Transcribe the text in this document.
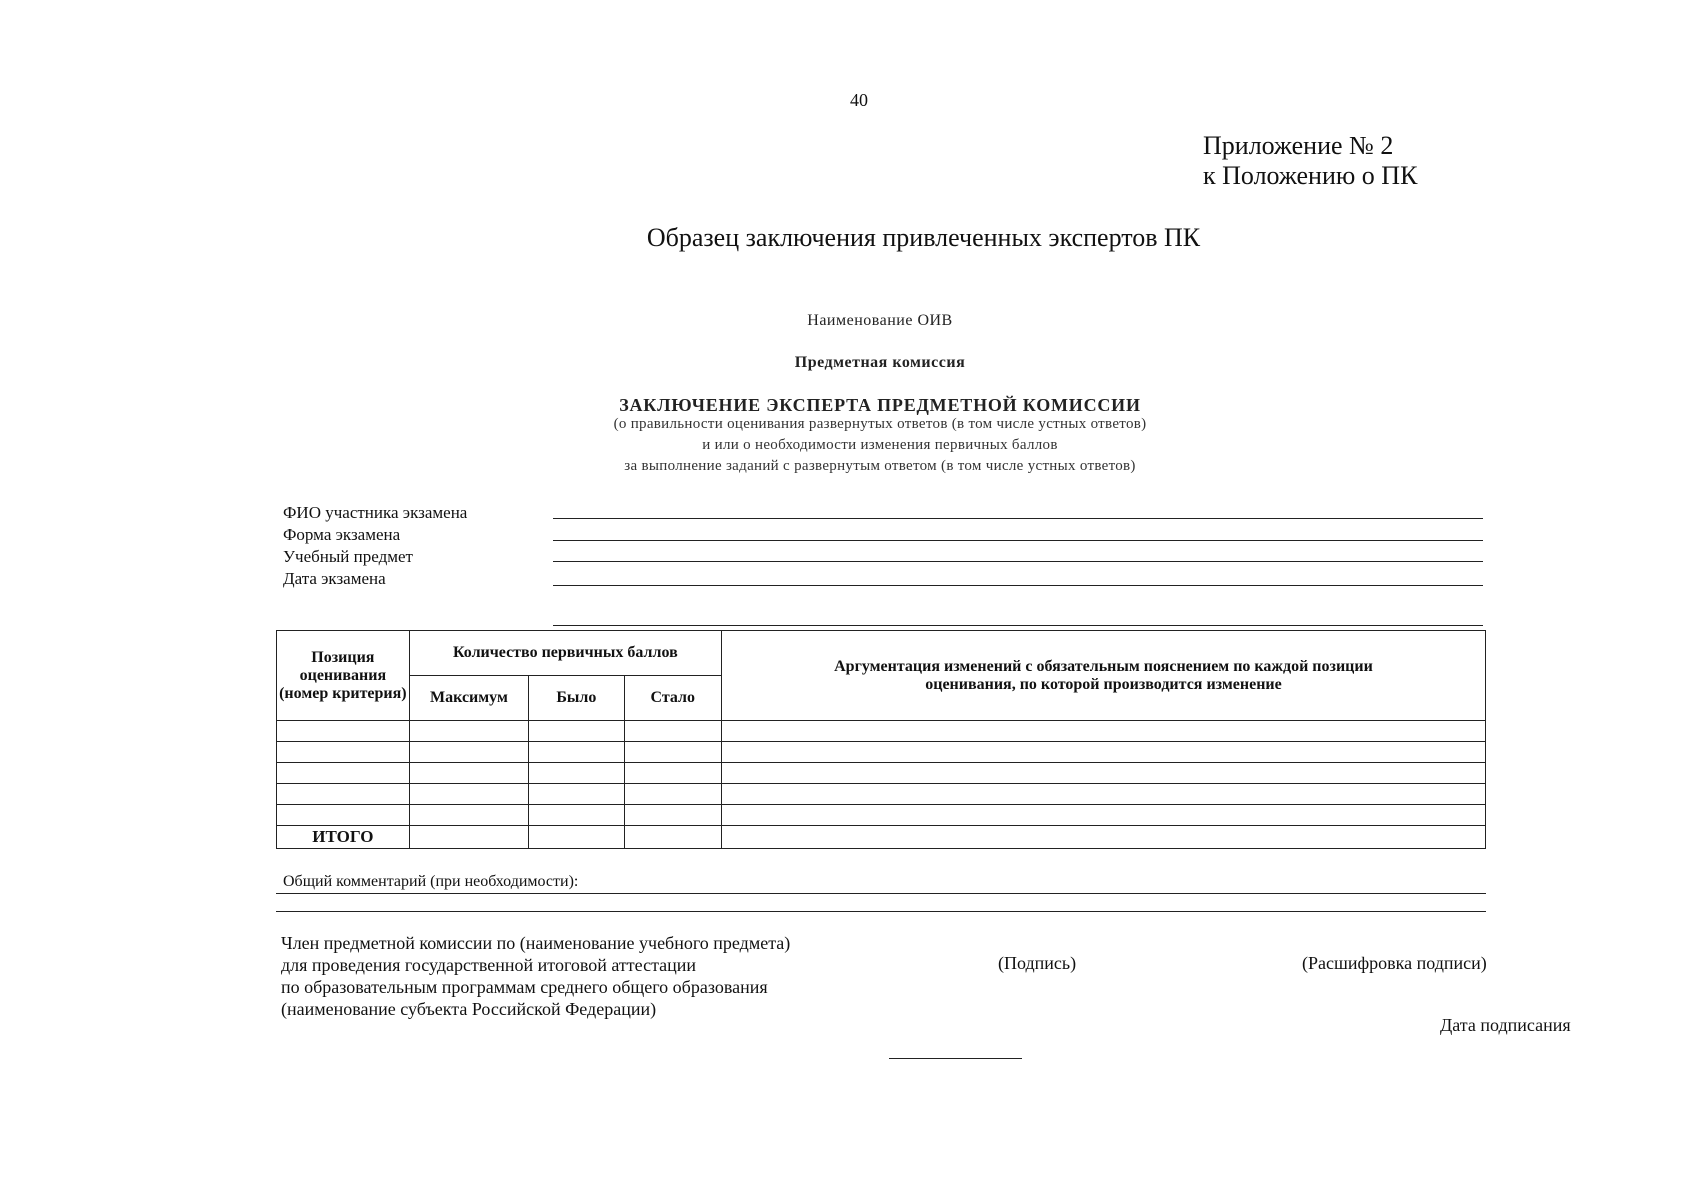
40
Приложение № 2
к Положению о ПК
Образец заключения привлеченных экспертов ПК
Наименование ОИВ
Предметная комиссия
ЗАКЛЮЧЕНИЕ ЭКСПЕРТА ПРЕДМЕТНОЙ КОМИССИИ
(о правильности оценивания развернутых ответов (в том числе устных ответов)
и или о необходимости изменения первичных баллов
за выполнение заданий с развернутым ответом (в том числе устных ответов)
ФИО участника экзамена
Форма экзамена
Учебный предмет
Дата экзамена
Позиция оценивания (номер критерия)	Количество первичных баллов			Аргументация изменений с обязательным пояснением по каждой позиции оценивания, по которой производится изменение
	Максимум	Было	Стало	

ИТОГО				
Общий комментарий (при необходимости):
Член предметной комиссии по (наименование учебного предмета)
для проведения государственной итоговой аттестации
по образовательным программам среднего общего образования
(наименование субъекта Российской Федерации)
(Подпись)	(Расшифровка подписи)
Дата подписания
